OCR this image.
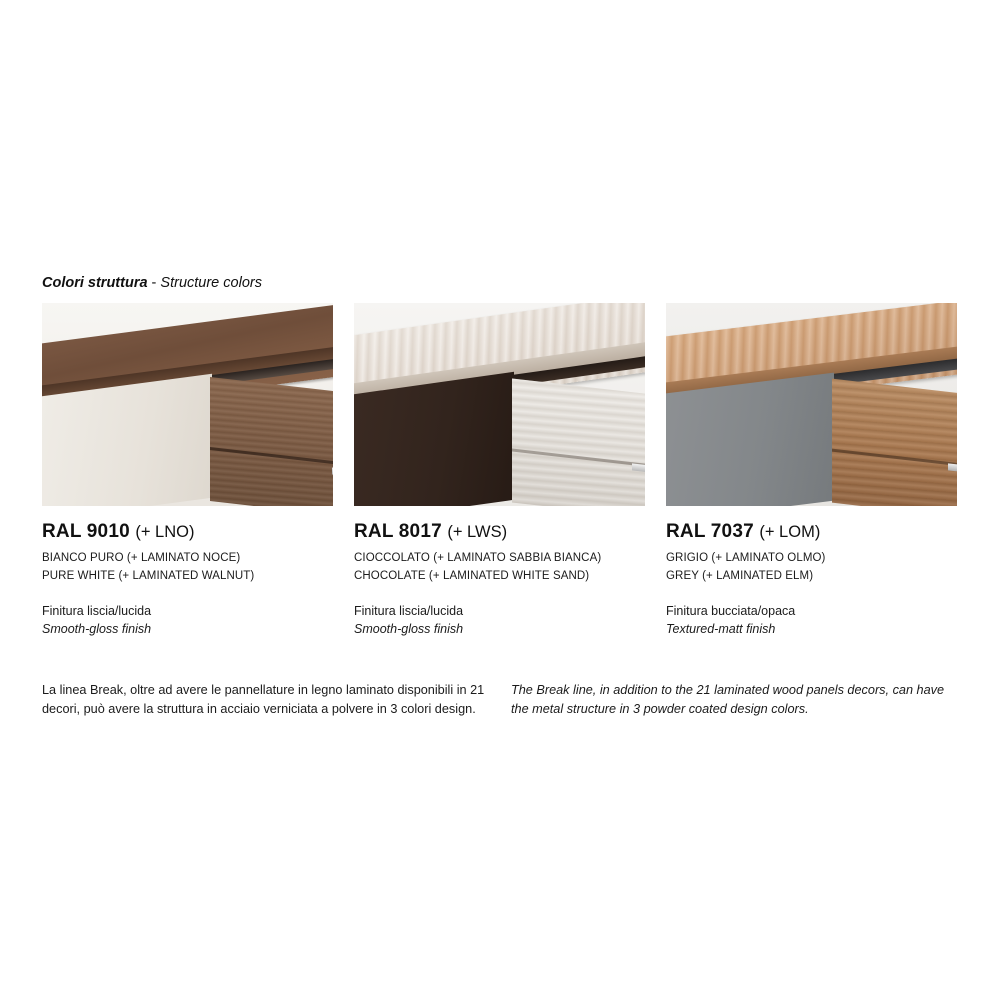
Colori struttura - Structure colors
RAL 9010 (+ LNO)
BIANCO PURO (+ LAMINATO NOCE)
PURE WHITE (+ LAMINATED WALNUT)
Finitura liscia/lucida
Smooth-gloss finish
RAL 8017 (+ LWS)
CIOCCOLATO (+ LAMINATO SABBIA BIANCA)
CHOCOLATE (+ LAMINATED WHITE SAND)
Finitura liscia/lucida
Smooth-gloss finish
RAL 7037 (+ LOM)
GRIGIO (+ LAMINATO OLMO)
GREY (+ LAMINATED ELM)
Finitura bucciata/opaca
Textured-matt finish
La linea Break, oltre ad avere le pannellature in legno laminato disponibili in 21 decori, può avere la struttura in acciaio verniciata a polvere in 3 colori design.
The Break line, in addition to the 21 laminated wood panels decors, can have the metal structure in 3 powder coated design colors.
